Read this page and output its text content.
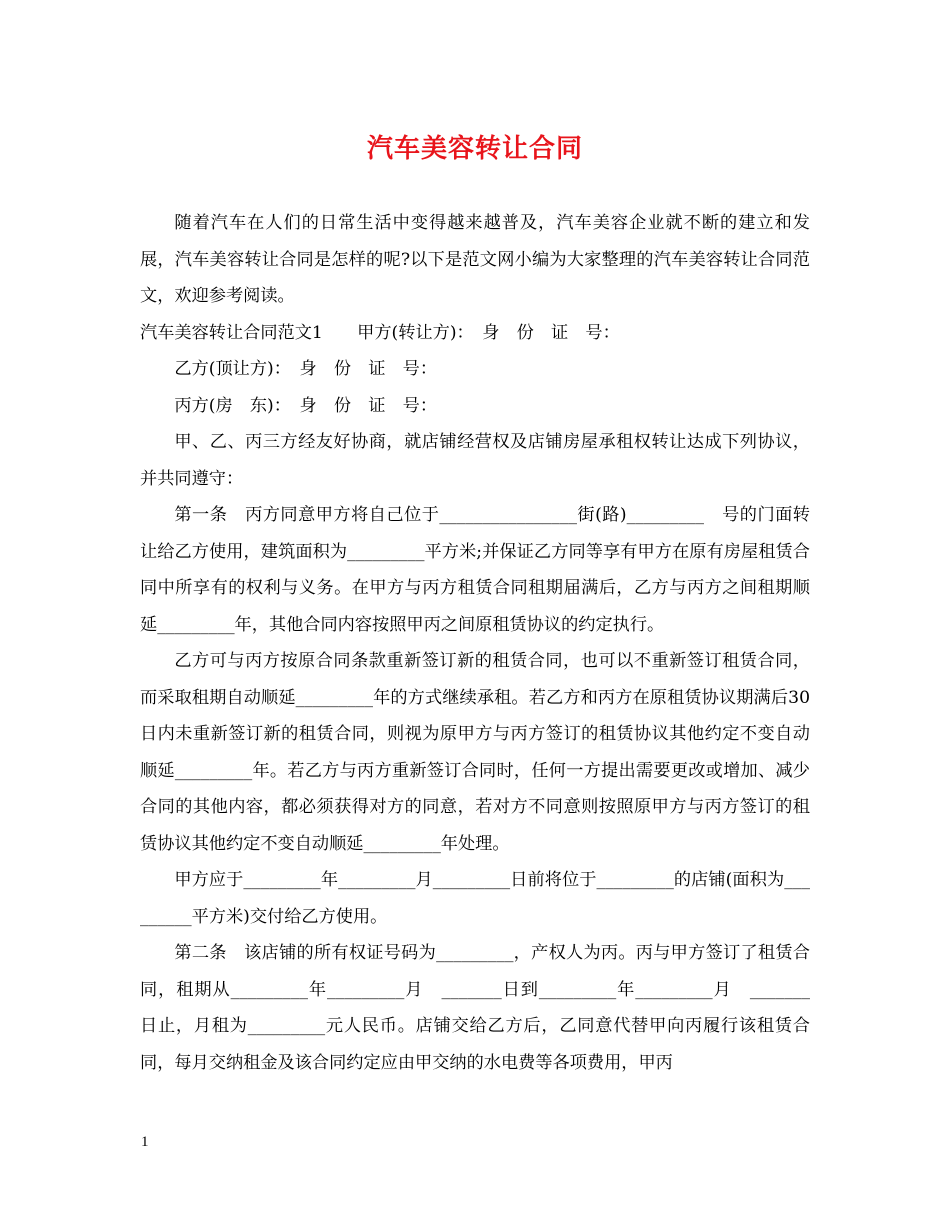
汽车美容转让合同

随着汽车在人们的日常生活中变得越来越普及，汽车美容企业就不断的建立和发展，汽车美容转让合同是怎样的呢?以下是范文网小编为大家整理的汽车美容转让合同范文，欢迎参考阅读。

汽车美容转让合同范文1　　甲方(转让方)：　身　份　证　号：

乙方(顶让方)：　身　份　证　号：

丙方(房　东)：　身　份　证　号：

甲、乙、丙三方经友好协商，就店铺经营权及店铺房屋承租权转让达成下列协议，并共同遵守：

第一条　丙方同意甲方将自己位于________________街(路)_________　号的门面转让给乙方使用，建筑面积为_________平方米;并保证乙方同等享有甲方在原有房屋租赁合同中所享有的权利与义务。在甲方与丙方租赁合同租期届满后，乙方与丙方之间租期顺延_________年，其他合同内容按照甲丙之间原租赁协议的约定执行。

乙方可与丙方按原合同条款重新签订新的租赁合同，也可以不重新签订租赁合同，而采取租期自动顺延_________年的方式继续承租。若乙方和丙方在原租赁协议期满后30日内未重新签订新的租赁合同，则视为原甲方与丙方签订的租赁协议其他约定不变自动顺延_________年。若乙方与丙方重新签订合同时，任何一方提出需要更改或增加、减少合同的其他内容，都必须获得对方的同意，若对方不同意则按照原甲方与丙方签订的租赁协议其他约定不变自动顺延_________年处理。

甲方应于_________年_________月_________日前将位于_________的店铺(面积为_________平方米)交付给乙方使用。

第二条　该店铺的所有权证号码为_________，产权人为丙。丙与甲方签订了租赁合同，租期从_________年_________月　_______日到_________年_________月　_______日止，月租为_________元人民币。店铺交给乙方后，乙同意代替甲向丙履行该租赁合同，每月交纳租金及该合同约定应由甲交纳的水电费等各项费用，甲丙

1
